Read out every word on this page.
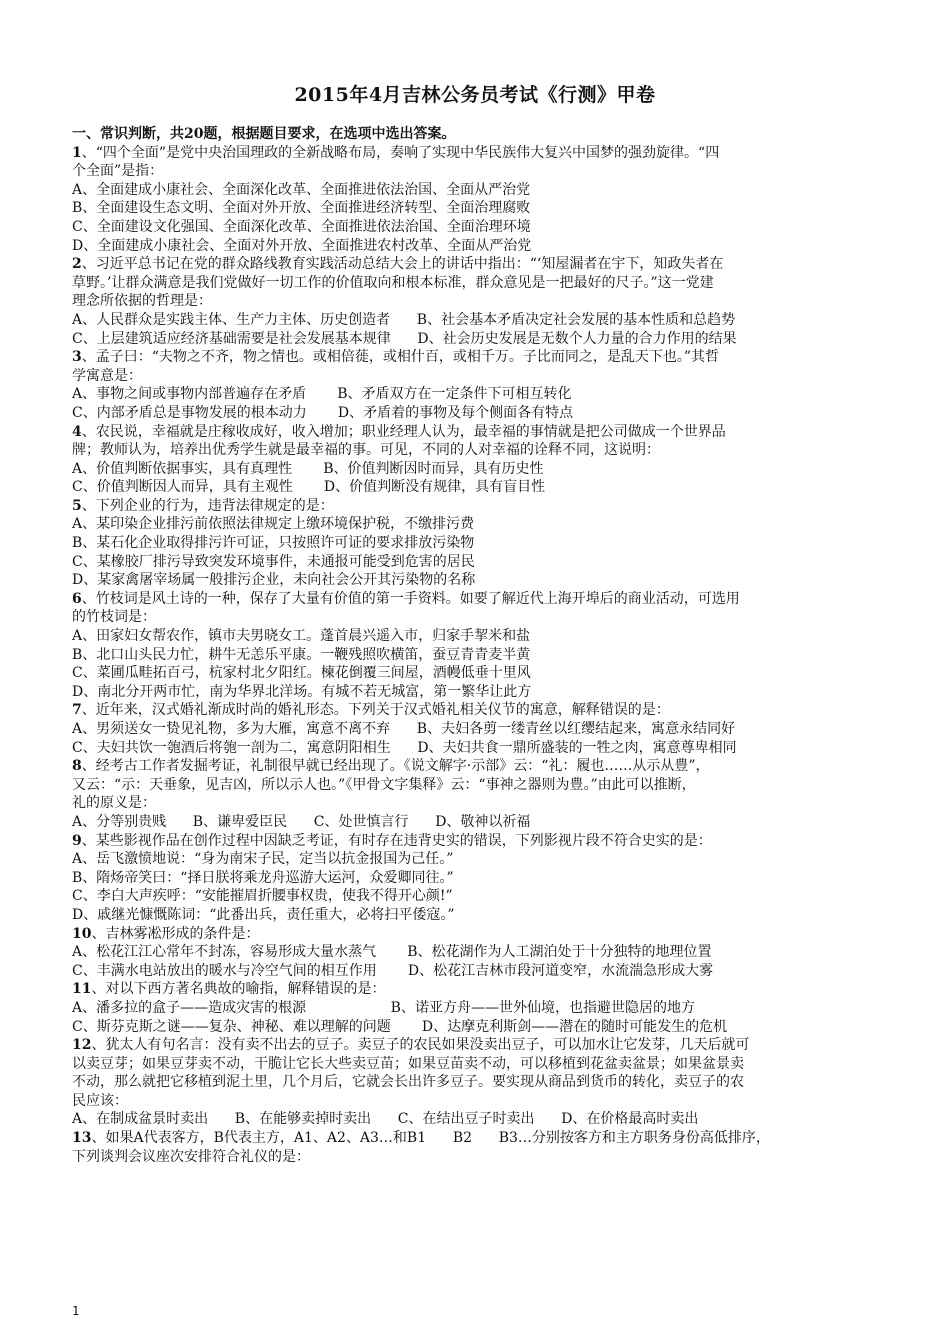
2015年4月吉林公务员考试《行测》甲卷
一、常识判断，共20题，根据题目要求，在选项中选出答案。
1、“四个全面”是党中央治国理政的全新战略布局，奏响了实现中华民族伟大复兴中国梦的强劲旋律。“四
个全面”是指：
A、全面建成小康社会、全面深化改革、全面推进依法治国、全面从严治党
B、全面建设生态文明、全面对外开放、全面推进经济转型、全面治理腐败
C、全面建设文化强国、全面深化改革、全面推进依法治国、全面治理环境
D、全面建成小康社会、全面对外开放、全面推进农村改革、全面从严治党
2、习近平总书记在党的群众路线教育实践活动总结大会上的讲话中指出：“‘知屋漏者在宇下，知政失者在
草野。’让群众满意是我们党做好一切工作的价值取向和根本标准，群众意见是一把最好的尺子。”这一党建
理念所依据的哲理是：
A、人民群众是实践主体、生产力主体、历史创造者      B、社会基本矛盾决定社会发展的基本性质和总趋势
C、上层建筑适应经济基础需要是社会发展基本规律      D、社会历史发展是无数个人力量的合力作用的结果
3、孟子曰：“夫物之不齐，物之情也。或相倍蓰，或相什百，或相千万。子比而同之，是乱天下也。”其哲
学寓意是：
A、事物之间或事物内部普遍存在矛盾       B、矛盾双方在一定条件下可相互转化
C、内部矛盾总是事物发展的根本动力       D、矛盾着的事物及每个侧面各有特点
4、农民说，幸福就是庄稼收成好，收入增加；职业经理人认为，最幸福的事情就是把公司做成一个世界品
牌；教师认为，培养出优秀学生就是最幸福的事。可见，不同的人对幸福的诠释不同，这说明：
A、价值判断依据事实，具有真理性       B、价值判断因时而异，具有历史性
C、价值判断因人而异，具有主观性       D、价值判断没有规律，具有盲目性
5、下列企业的行为，违背法律规定的是：
A、某印染企业排污前依照法律规定上缴环境保护税，不缴排污费
B、某石化企业取得排污许可证，只按照许可证的要求排放污染物
C、某橡胶厂排污导致突发环境事件，未通报可能受到危害的居民
D、某家禽屠宰场属一般排污企业，未向社会公开其污染物的名称
6、竹枝词是风土诗的一种，保存了大量有价值的第一手资料。如要了解近代上海开埠后的商业活动，可选用
的竹枝词是：
A、田家妇女帮农作，镇市夫男晓女工。蓬首晨兴遥入市，归家手挈米和盐
B、北口山头民力忙，耕牛无恙乐平康。一鞭残照吹横笛，蚕豆青青麦半黄
C、菜圃瓜畦拓百弓，杭家村北夕阳红。楝花倒覆三间屋，酒幔低垂十里风
D、南北分开两市忙，南为华界北洋场。有城不若无城富，第一繁华让此方
7、近年来，汉式婚礼渐成时尚的婚礼形态。下列关于汉式婚礼相关仪节的寓意，解释错误的是：
A、男须送女一贽见礼物，多为大雁，寓意不离不弃      B、夫妇各剪一缕青丝以红缨结起来，寓意永结同好
C、夫妇共饮一匏酒后将匏一剖为二，寓意阴阳相生      D、夫妇共食一鼎所盛装的一牲之肉，寓意尊卑相同
8、经考古工作者发掘考证，礼制很早就已经出现了。《说文解字·示部》云：“礼：履也……从示从豊”，
又云：“示：天垂象，见吉凶，所以示人也。”《甲骨文字集释》云：“事神之器则为豊。”由此可以推断，
礼的原义是：
A、分等别贵贱      B、谦卑爱臣民      C、处世慎言行      D、敬神以祈福
9、某些影视作品在创作过程中因缺乏考证，有时存在违背史实的错误，下列影视片段不符合史实的是：
A、岳飞激愤地说：“身为南宋子民，定当以抗金报国为己任。”
B、隋炀帝笑曰：“择日朕将乘龙舟巡游大运河，众爱卿同往。”
C、李白大声疾呼：“安能摧眉折腰事权贵，使我不得开心颜!”
D、戚继光慷慨陈词：“此番出兵，责任重大，必将扫平倭寇。”
10、吉林雾凇形成的条件是：
A、松花江江心常年不封冻，容易形成大量水蒸气       B、松花湖作为人工湖泊处于十分独特的地理位置
C、丰满水电站放出的暖水与冷空气间的相互作用       D、松花江吉林市段河道变窄，水流湍急形成大雾
11、对以下西方著名典故的喻指，解释错误的是：
A、潘多拉的盒子——造成灾害的根源                   B、诺亚方舟——世外仙境，也指避世隐居的地方
C、斯芬克斯之谜——复杂、神秘、难以理解的问题       D、达摩克利斯剑——潜在的随时可能发生的危机
12、犹太人有句名言：没有卖不出去的豆子。卖豆子的农民如果没卖出豆子，可以加水让它发芽，几天后就可
以卖豆芽；如果豆芽卖不动，干脆让它长大些卖豆苗；如果豆苗卖不动，可以移植到花盆卖盆景；如果盆景卖
不动，那么就把它移植到泥土里，几个月后，它就会长出许多豆子。要实现从商品到货币的转化，卖豆子的农
民应该：
A、在制成盆景时卖出      B、在能够卖掉时卖出      C、在结出豆子时卖出      D、在价格最高时卖出
13、如果A代表客方，B代表主方，A1、A2、A3…和B1      B2      B3…分别按客方和主方职务身份高低排序，
下列谈判会议座次安排符合礼仪的是：
1
